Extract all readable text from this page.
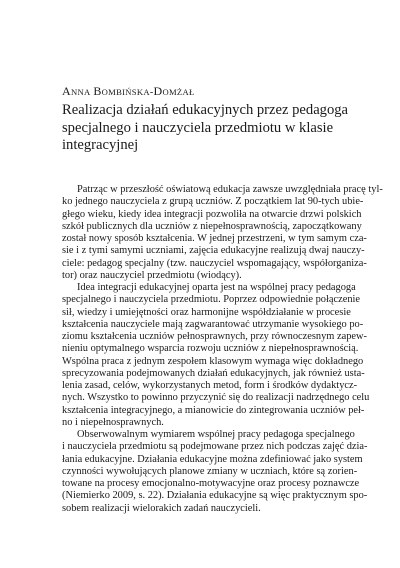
ANNA BOMBIŃSKA-DOMŻAŁ
Realizacja działań edukacyjnych przez pedagoga
specjalnego i nauczyciela przedmiotu w klasie
integracyjnej
Patrząc w przeszłość oświatową edukacja zawsze uwzględniała pracę tyl-
ko jednego nauczyciela z grupą uczniów. Z początkiem lat 90-tych ubie-
głego wieku, kiedy idea integracji pozwoliła na otwarcie drzwi polskich
szkół publicznych dla uczniów z niepełnosprawnością, zapoczątkowany
został nowy sposób kształcenia. W jednej przestrzeni, w tym samym cza-
sie i z tymi samymi uczniami, zajęcia edukacyjne realizują dwaj nauczy-
ciele: pedagog specjalny (tzw. nauczyciel wspomagający, współorganiza-
tor) oraz nauczyciel przedmiotu (wiodący).
Idea integracji edukacyjnej oparta jest na wspólnej pracy pedagoga
specjalnego i nauczyciela przedmiotu. Poprzez odpowiednie połączenie
sił, wiedzy i umiejętności oraz harmonijne współdziałanie w procesie
kształcenia nauczyciele mają zagwarantować utrzymanie wysokiego po-
ziomu kształcenia uczniów pełnosprawnych, przy równoczesnym zapew-
nieniu optymalnego wsparcia rozwoju uczniów z niepełnosprawnością.
Wspólna praca z jednym zespołem klasowym wymaga więc dokładnego
sprecyzowania podejmowanych działań edukacyjnych, jak również usta-
lenia zasad, celów, wykorzystanych metod, form i środków dydaktycz-
nych. Wszystko to powinno przyczynić się do realizacji nadrzędnego celu
kształcenia integracyjnego, a mianowicie do zintegrowania uczniów peł-
no i niepełnosprawnych.
Obserwowalnym wymiarem wspólnej pracy pedagoga specjalnego
i nauczyciela przedmiotu są podejmowane przez nich podczas zajęć dzia-
łania edukacyjne. Działania edukacyjne można zdefiniować jako system
czynności wywołujących planowe zmiany w uczniach, które są zorien-
towane na procesy emocjonalno-motywacyjne oraz procesy poznawcze
(Niemierko 2009, s. 22). Działania edukacyjne są więc praktycznym spo-
sobem realizacji wielorakich zadań nauczycieli.
